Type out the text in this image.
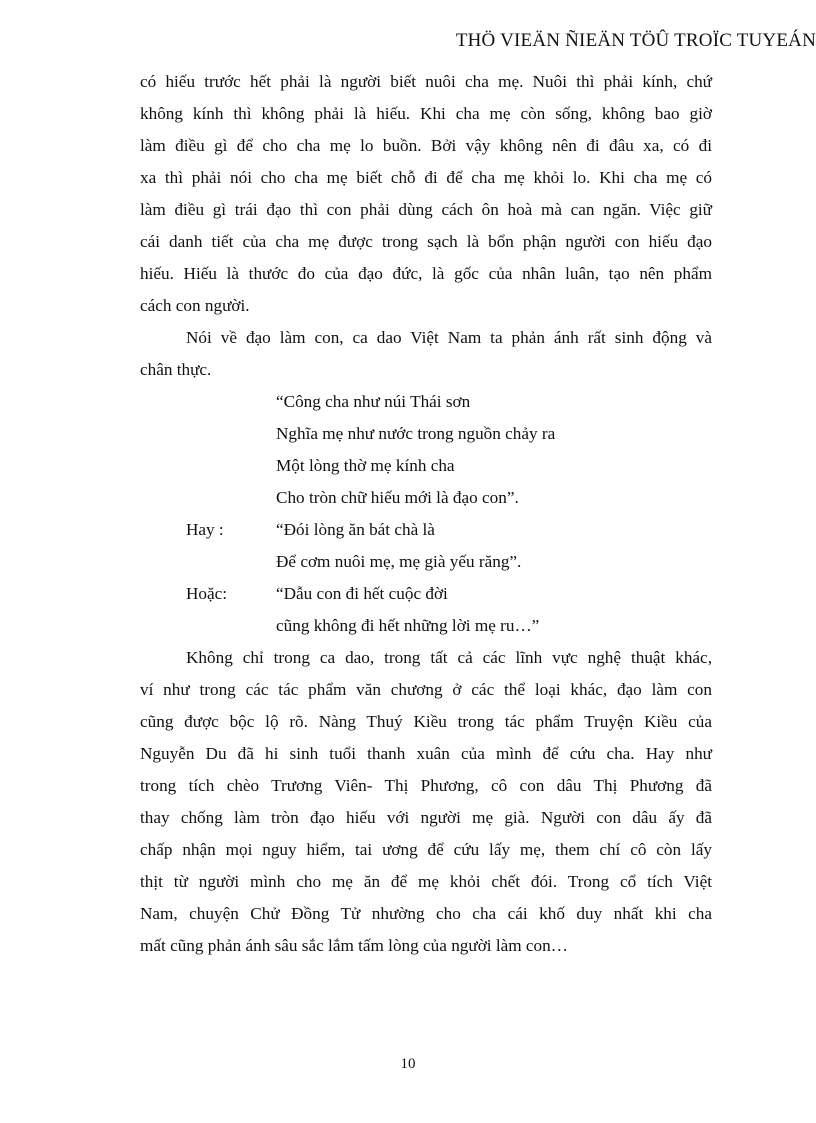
THÖ VIEÄN ÑIEÄN TÖÛ TROÏC TUYEÁN
có hiếu trước hết phải là người biết nuôi cha mẹ. Nuôi thì phải kính, chứ
không kính thì không phải là hiếu. Khi cha mẹ còn sống, không bao giờ
làm điều gì để cho cha mẹ lo buồn. Bởi vậy không nên đi đâu xa, có đi
xa thì phải nói cho cha mẹ biết chỗ đi để cha mẹ khỏi lo. Khi cha mẹ có
làm điều gì trái đạo thì con phải dùng cách ôn hoà mà can ngăn. Việc giữ
cái danh tiết của cha mẹ được trong sạch là bổn phận người con hiếu đạo
hiếu. Hiếu là thước đo của đạo đức, là gốc của nhân luân, tạo nên phẩm
cách con người.
Nói về đạo làm con, ca dao Việt Nam ta phản ánh rất sinh động và
chân thực.
“Công cha như núi Thái sơn
Nghĩa mẹ như nước trong nguồn chảy ra
Một lòng thờ mẹ kính cha
Cho tròn chữ hiếu mới là đạo con”.
Hay :	“Đói lòng ăn bát chà là
Để cơm nuôi mẹ, mẹ già yếu răng”.
Hoặc:	“Dẫu con đi hết cuộc đời
cũng không đi hết những lời mẹ ru…”
Không chỉ trong ca dao, trong tất cả các lĩnh vực nghệ thuật khác,
ví như trong các tác phẩm văn chương ở các thể loại khác, đạo làm con
cũng được bộc lộ rõ. Nàng Thuý Kiều trong tác phẩm Truyện Kiều của
Nguyễn Du đã hi sinh tuổi thanh xuân của mình để cứu cha. Hay như
trong tích chèo Trương Viên- Thị Phương, cô con dâu Thị Phương đã
thay chống làm tròn đạo hiếu với người mẹ già. Người con dâu ấy đã
chấp nhận mọi nguy hiểm, tai ương để cứu lấy mẹ, them chí cô còn lấy
thịt từ người mình cho mẹ ăn để mẹ khỏi chết đói. Trong cổ tích Việt
Nam, chuyện Chử Đồng Tử nhường cho cha cái khố duy nhất khi cha
mất cũng phản ánh sâu sắc lắm tấm lòng của người làm con…
10
